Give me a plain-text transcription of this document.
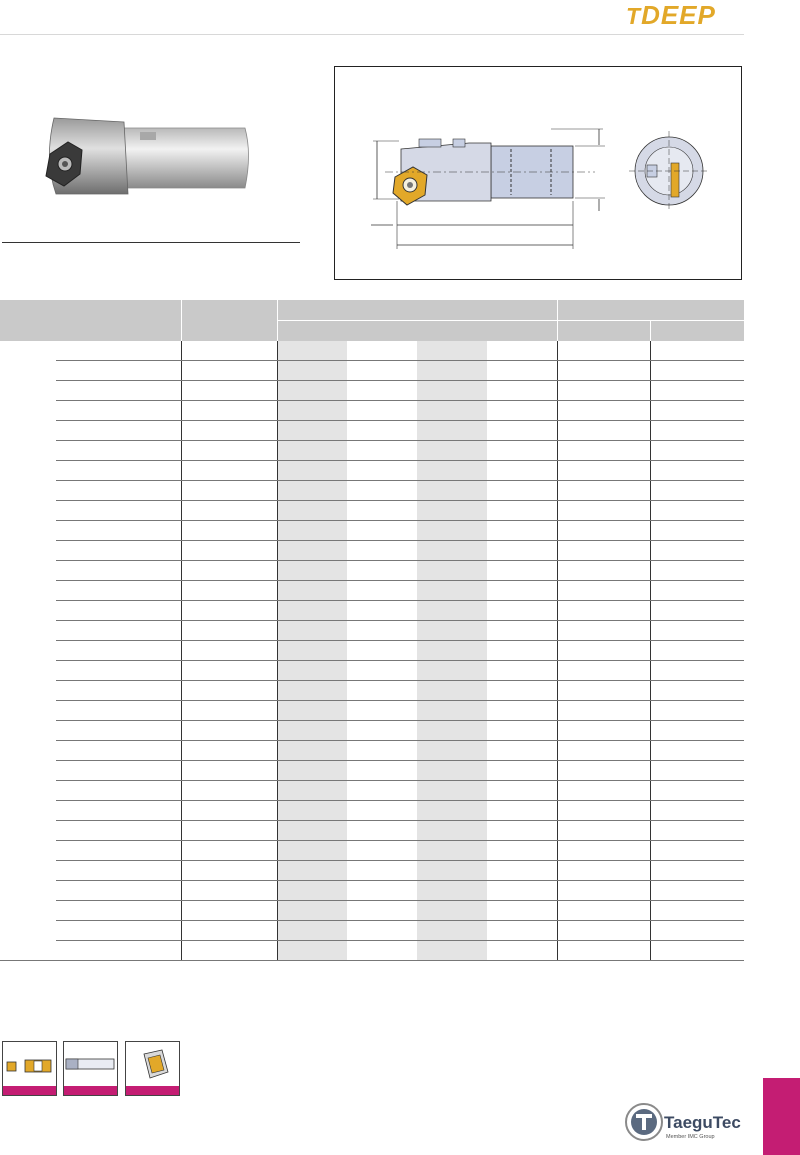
TDEEP

TaeguTec
Member IMC Group
